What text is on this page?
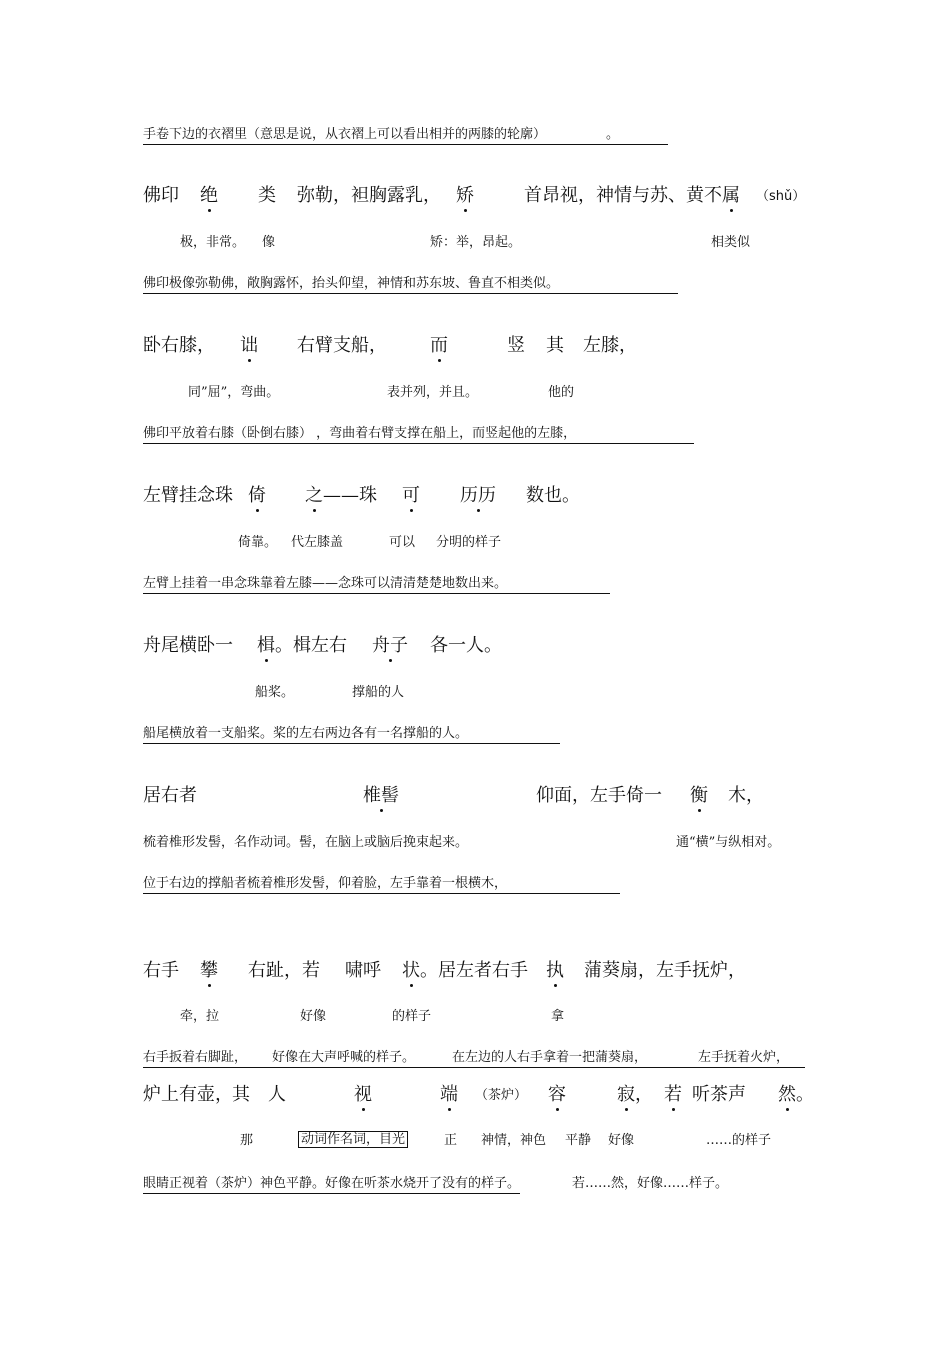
手卷下边的衣褶里（意思是说，从衣褶上可以看出相并的两膝的轮廓）	。
佛印 绝 类 弥勒，袒胸露乳， 矫	首昂视，神情与苏、黄不 属 （shǔ）
极，非常。 像	矫：举，昂起。	相类似
佛印极像弥勒佛，敞胸露怀，抬头仰望，神情和苏东坡、鲁直不相类似。
卧右膝， 诎 右臂支船， 而	竖 其 左膝，
同”屈”，弯曲。	表并列，并且。	他的
佛印平放着右膝（卧倒右膝） ，弯曲着右臂支撑在船上，而竖起他的左膝，
左臂挂念珠 倚 之 ——珠 可 历历 数也。
倚靠。 代左膝盖	可以 分明的样子
左臂上挂着一串念珠靠着左膝——念珠可以清清楚楚地数出来。
舟尾横卧一 楫 。楫左右 舟子 各一人。
船桨。	撑船的人
船尾横放着一支船桨。桨的左右两边各有一名撑船的人。
居右者	椎髻	仰面，左手倚一 衡 木，
梳着椎形发髻，名作动词。髻，在脑上或脑后挽束起来。	通“横”与纵相对。
位于右边的撑船者梳着椎形发髻，仰着脸，左手靠着一根横木，
右手 攀 右趾，若 啸呼 状 。居左者右手 执 蒲葵扇，左手抚炉，
牵，拉	好像	的样子	拿
右手扳着右脚趾， 好像在大声呼喊的样子。	在左边的人右手拿着一把蒲葵扇，	左手抚着火炉，
炉上有壶， 其 人	视	端 （茶炉） 容	寂 ， 若 听茶声 然 。
那	动词作名词，目光	正 神情，神色 平静 好像	……的样子
眼睛正视着（茶炉）神色平静。好像在听茶水烧开了没有的样子。	若……然，好像……样子。
